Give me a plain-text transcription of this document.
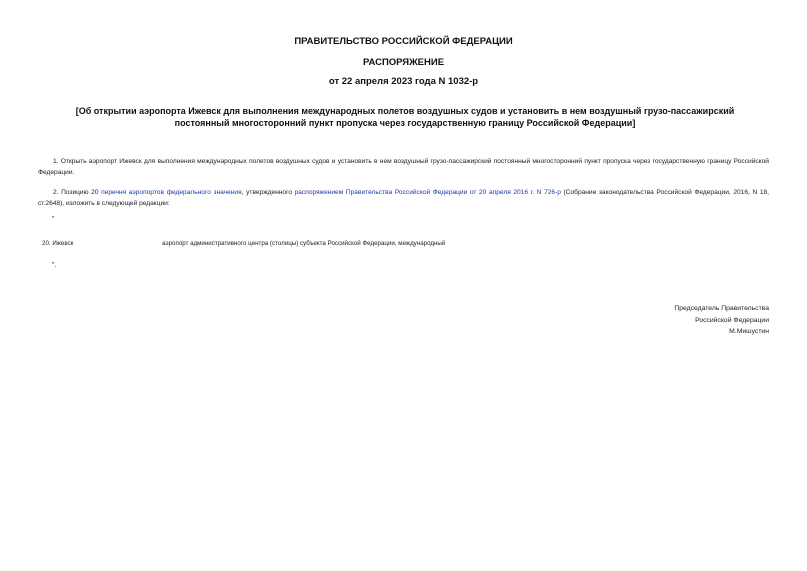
ПРАВИТЕЛЬСТВО РОССИЙСКОЙ ФЕДЕРАЦИИ
РАСПОРЯЖЕНИЕ
от 22 апреля 2023 года N 1032-р
[Об открытии аэропорта Ижевск для выполнения международных полетов воздушных судов и установить в нем воздушный грузо-пассажирский постоянный многосторонний пункт пропуска через государственную границу Российской Федерации]
1. Открыть аэропорт Ижевск для выполнения международных полетов воздушных судов и установить в нем воздушный грузо-пассажирский постоянный многосторонний пункт пропуска через государственную границу Российской Федерации.
2. Позицию 20 перечня аэропортов федерального значения, утвержденного распоряжением Правительства Российской Федерации от 20 апреля 2016 г. N 726-р (Собрание законодательства Российской Федерации, 2016, N 18, ст.2648), изложить в следующей редакции:
"
20. Ижевск	аэропорт административного центра (столицы) субъекта Российской Федерации, международный
".
Председатель Правительства
Российской Федерации
М.Мишустин
